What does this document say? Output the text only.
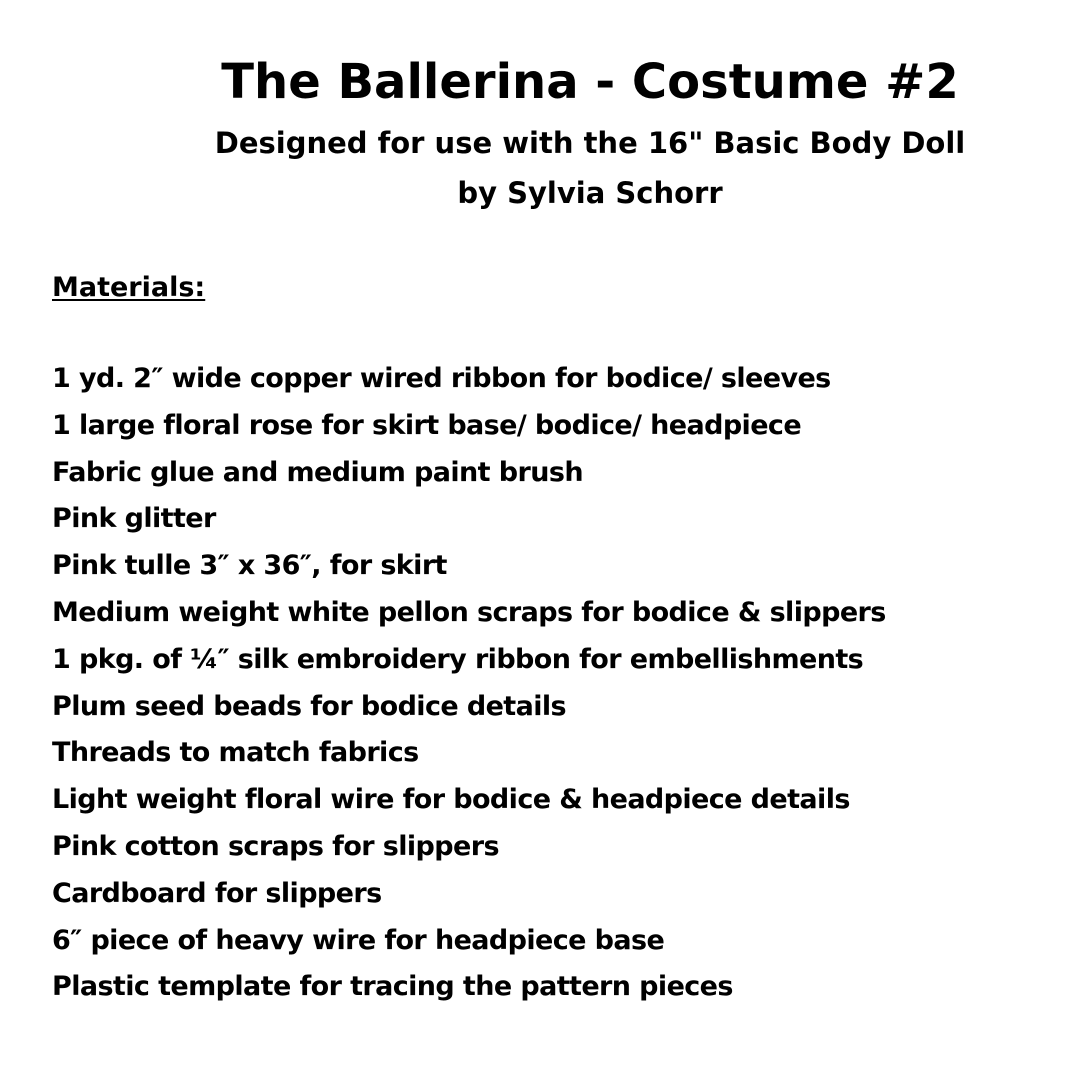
The Ballerina - Costume #2
Designed for use with the 16" Basic Body Doll
by Sylvia Schorr
Materials:
1 yd. 2″ wide copper wired ribbon for bodice/ sleeves
1 large floral rose for skirt base/ bodice/ headpiece
Fabric glue and medium paint brush
Pink glitter
Pink tulle 3″ x 36″, for skirt
Medium weight white pellon scraps for bodice & slippers
1 pkg. of ¼″ silk embroidery ribbon for embellishments
Plum seed beads for bodice details
Threads to match fabrics
Light weight floral wire for bodice & headpiece details
Pink cotton scraps for slippers
Cardboard for slippers
6″ piece of heavy wire for headpiece base
Plastic template for tracing the pattern pieces
